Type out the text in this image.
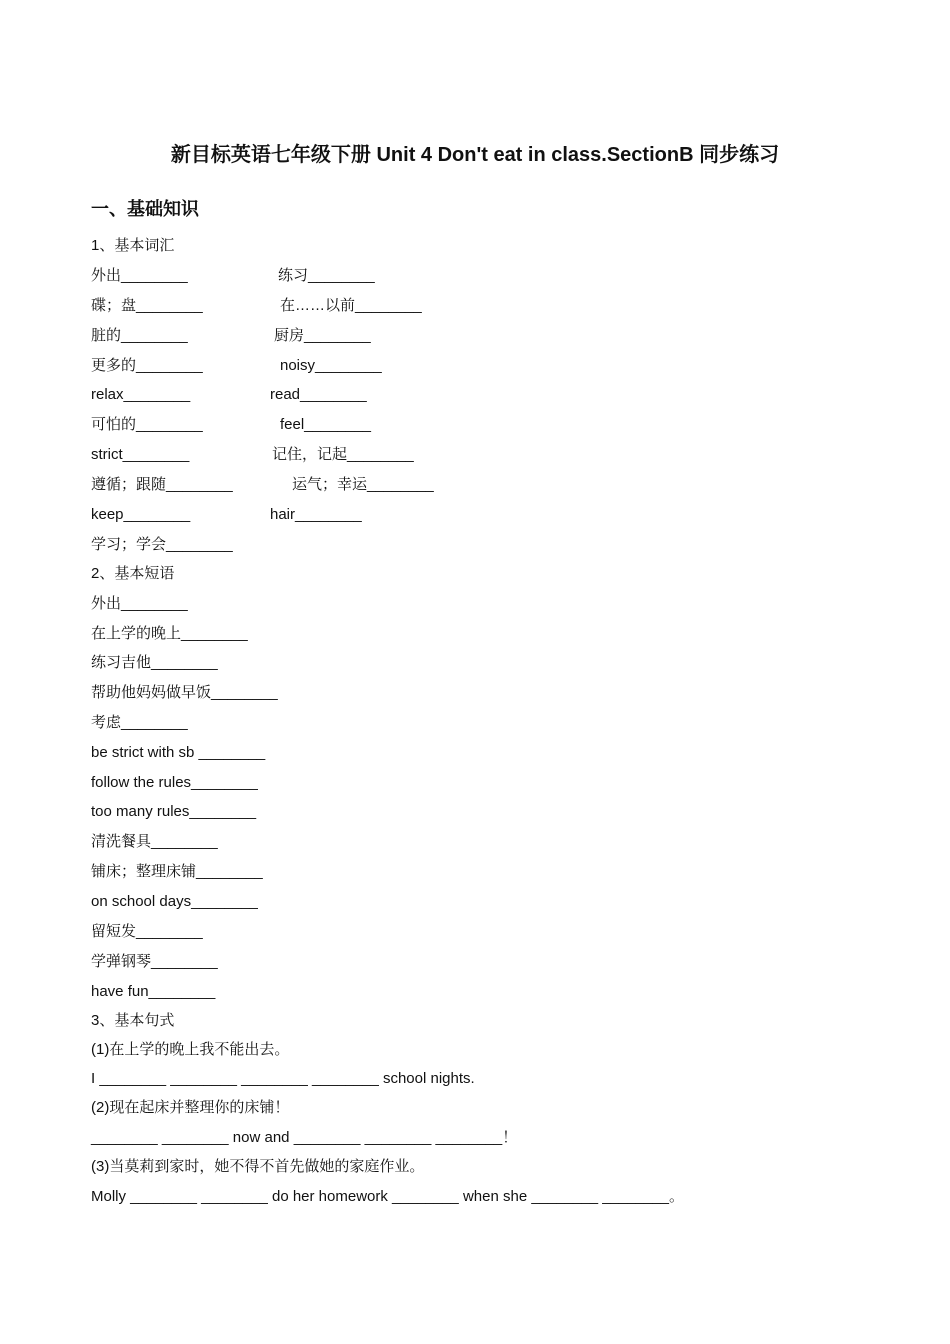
新目标英语七年级下册 Unit 4 Don't eat in class.SectionB 同步练习
一、基础知识
1、基本词汇
外出________	练习________
碟；盘________	在……以前________
脏的________	厨房________
更多的________	noisy________
relax________	read________
可怕的________	feel________
strict________	记住，记起________
遵循；跟随________	运气；幸运________
keep________	hair________
学习；学会________
2、基本短语
外出________
在上学的晚上________
练习吉他________
帮助他妈妈做早饭________
考虑________
be strict with sb ________
follow the rules________
too many rules________
清洗餐具________
铺床；整理床铺________
on school days________
留短发________
学弹钢琴________
have fun________
3、基本句式
(1)在上学的晚上我不能出去。
I ________ ________ ________ ________ school nights.
(2)现在起床并整理你的床铺！
________ ________ now and ________ ________ ________！
(3)当莫莉到家时，她不得不首先做她的家庭作业。
Molly ________ ________ do her homework ________ when she ________ ________。
